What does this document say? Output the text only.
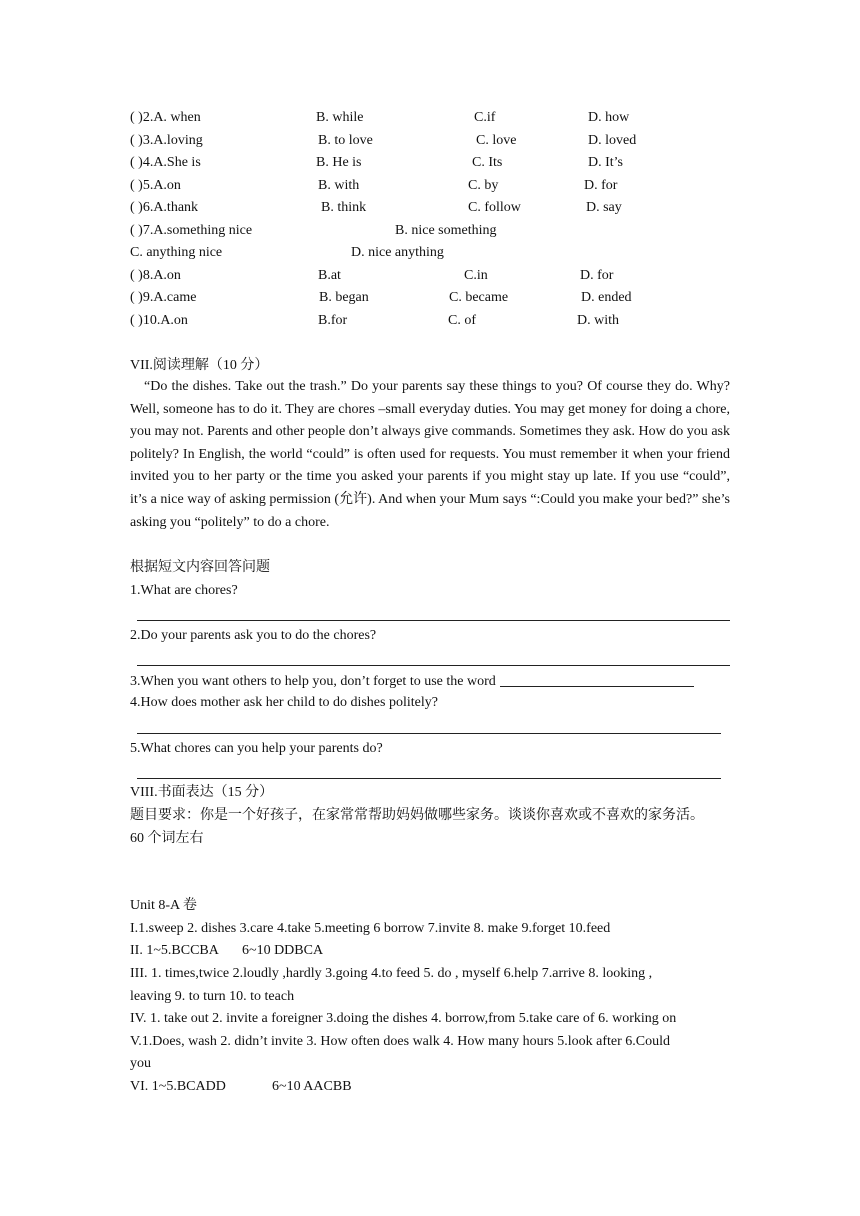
( )2.A. when	B. while	C.if	D. how
( )3.A.loving	B. to love	C. love	D. loved
( )4.A.She is	B. He is	C. Its	D. It’s
( )5.A.on	B. with	C. by	D. for
( )6.A.thank	B. think	C. follow	D. say
( )7.A.something nice	B. nice something
C. anything nice	D. nice anything
( )8.A.on	B.at	C.in	D. for
( )9.A.came	B. began	C. became	D. ended
( )10.A.on	B.for	C. of	D. with
VII.阅读理解（10 分）
“Do the dishes. Take out the trash.” Do your parents say these things to you? Of course they do. Why? Well, someone has to do it. They are chores –small everyday duties. You may get money for doing a chore, you may not. Parents and other people don’t always give commands. Sometimes they ask. How do you ask politely? In English, the world “could” is often used for requests. You must remember it when your friend invited you to her party or the time you asked your parents if you might stay up late. If you use “could”, it’s a nice way of asking permission (允许). And when your Mum says “:Could you make your bed?” she’s asking you “politely” to do a chore.
根据短文内容回答问题
1.What are chores?
2.Do your parents ask you to do the chores?
3.When you want others to help you, don’t forget to use the word
4.How does mother ask her child to do dishes politely?
5.What chores can you help your parents do?
VIII.书面表达（15 分）
题目要求：你是一个好孩子，在家常常帮助妈妈做哪些家务。谈谈你喜欢或不喜欢的家务活。
60 个词左右
Unit 8-A 卷
I.1.sweep 2. dishes 3.care 4.take 5.meeting 6 borrow 7.invite 8. make 9.forget 10.feed
II. 1~5.BCCBA 6~10 DDBCA
III. 1. times,twice 2.loudly ,hardly 3.going 4.to feed 5. do , myself 6.help 7.arrive 8. looking ,
leaving 9. to turn 10. to teach
IV. 1. take out 2. invite a foreigner 3.doing the dishes 4. borrow,from 5.take care of 6. working on
V.1.Does, wash 2. didn’t invite 3. How often does walk 4. How many hours 5.look after 6.Could
you
VI. 1~5.BCADD	6~10 AACBB
